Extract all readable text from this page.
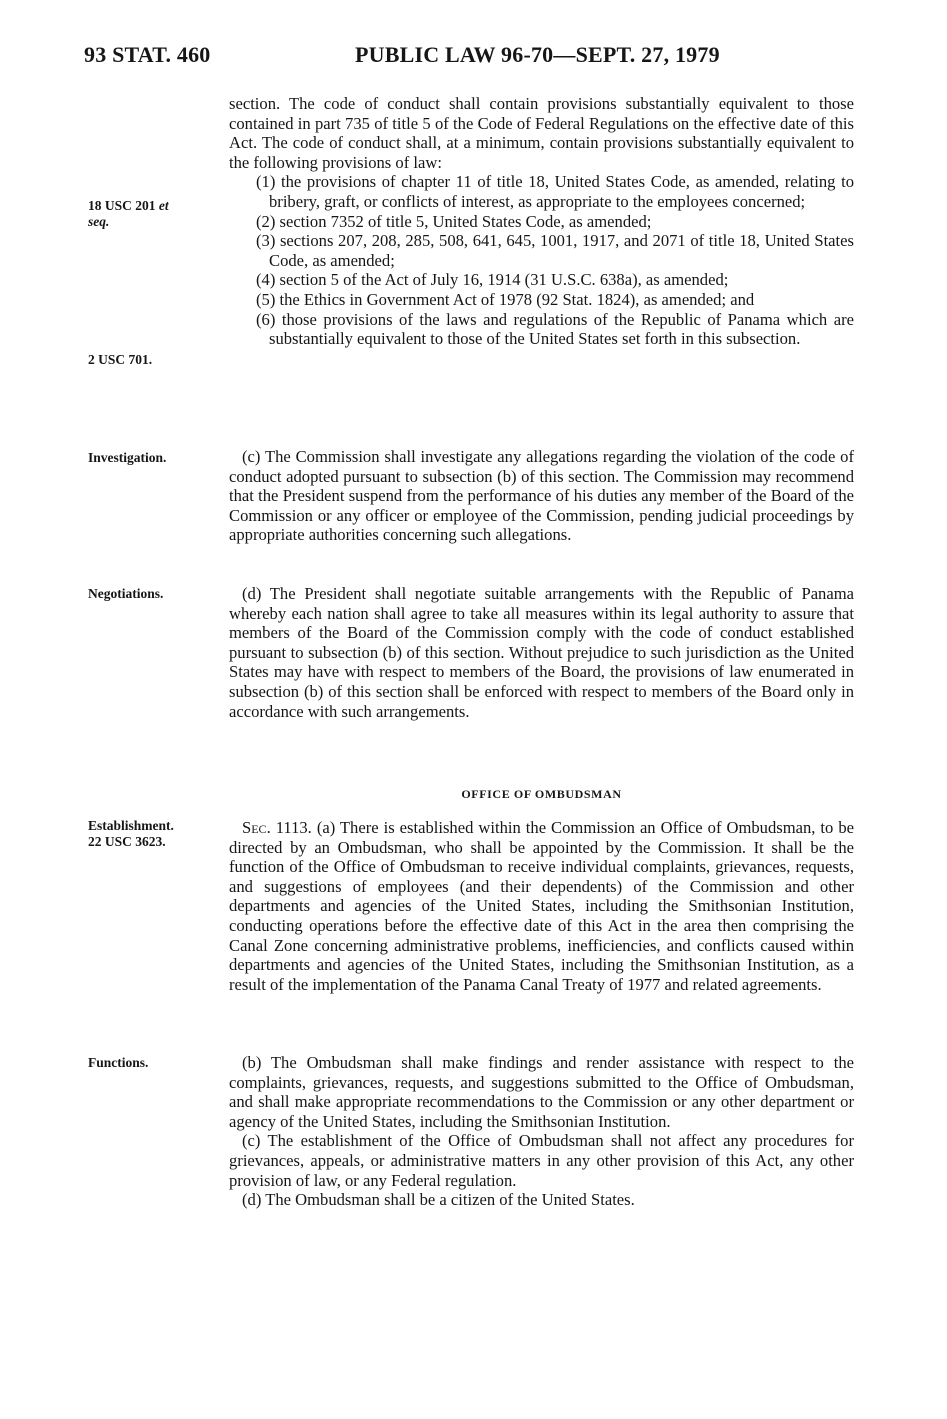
93 STAT. 460	PUBLIC LAW 96-70—SEPT. 27, 1979
18 USC 201 et
seq.
2 USC 701.
Investigation.
Negotiations.
Establishment.
22 USC 3623.
Functions.

section. The code of conduct shall contain provisions substantially equivalent to those contained in part 735 of title 5 of the Code of Federal Regulations on the effective date of this Act. The code of conduct shall, at a minimum, contain provisions substantially equivalent to the following provisions of law:

(1) the provisions of chapter 11 of title 18, United States Code, as amended, relating to bribery, graft, or conflicts of interest, as appropriate to the employees concerned;

(2) section 7352 of title 5, United States Code, as amended;

(3) sections 207, 208, 285, 508, 641, 645, 1001, 1917, and 2071 of title 18, United States Code, as amended;

(4) section 5 of the Act of July 16, 1914 (31 U.S.C. 638a), as amended;

(5) the Ethics in Government Act of 1978 (92 Stat. 1824), as amended; and

(6) those provisions of the laws and regulations of the Republic of Panama which are substantially equivalent to those of the United States set forth in this subsection.

(c) The Commission shall investigate any allegations regarding the violation of the code of conduct adopted pursuant to subsection (b) of this section. The Commission may recommend that the President suspend from the performance of his duties any member of the Board of the Commission or any officer or employee of the Commission, pending judicial proceedings by appropriate authorities concerning such allegations.

(d) The President shall negotiate suitable arrangements with the Republic of Panama whereby each nation shall agree to take all measures within its legal authority to assure that members of the Board of the Commission comply with the code of conduct established pursuant to subsection (b) of this section. Without prejudice to such jurisdiction as the United States may have with respect to members of the Board, the provisions of law enumerated in subsection (b) of this section shall be enforced with respect to members of the Board only in accordance with such arrangements.

OFFICE OF OMBUDSMAN

Sec. 1113. (a) There is established within the Commission an Office of Ombudsman, to be directed by an Ombudsman, who shall be appointed by the Commission. It shall be the function of the Office of Ombudsman to receive individual complaints, grievances, requests, and suggestions of employees (and their dependents) of the Commission and other departments and agencies of the United States, including the Smithsonian Institution, conducting operations before the effective date of this Act in the area then comprising the Canal Zone concerning administrative problems, inefficiencies, and conflicts caused within departments and agencies of the United States, including the Smithsonian Institution, as a result of the implementation of the Panama Canal Treaty of 1977 and related agreements.

(b) The Ombudsman shall make findings and render assistance with respect to the complaints, grievances, requests, and suggestions submitted to the Office of Ombudsman, and shall make appropriate recommendations to the Commission or any other department or agency of the United States, including the Smithsonian Institution.

(c) The establishment of the Office of Ombudsman shall not affect any procedures for grievances, appeals, or administrative matters in any other provision of this Act, any other provision of law, or any Federal regulation.

(d) The Ombudsman shall be a citizen of the United States.
